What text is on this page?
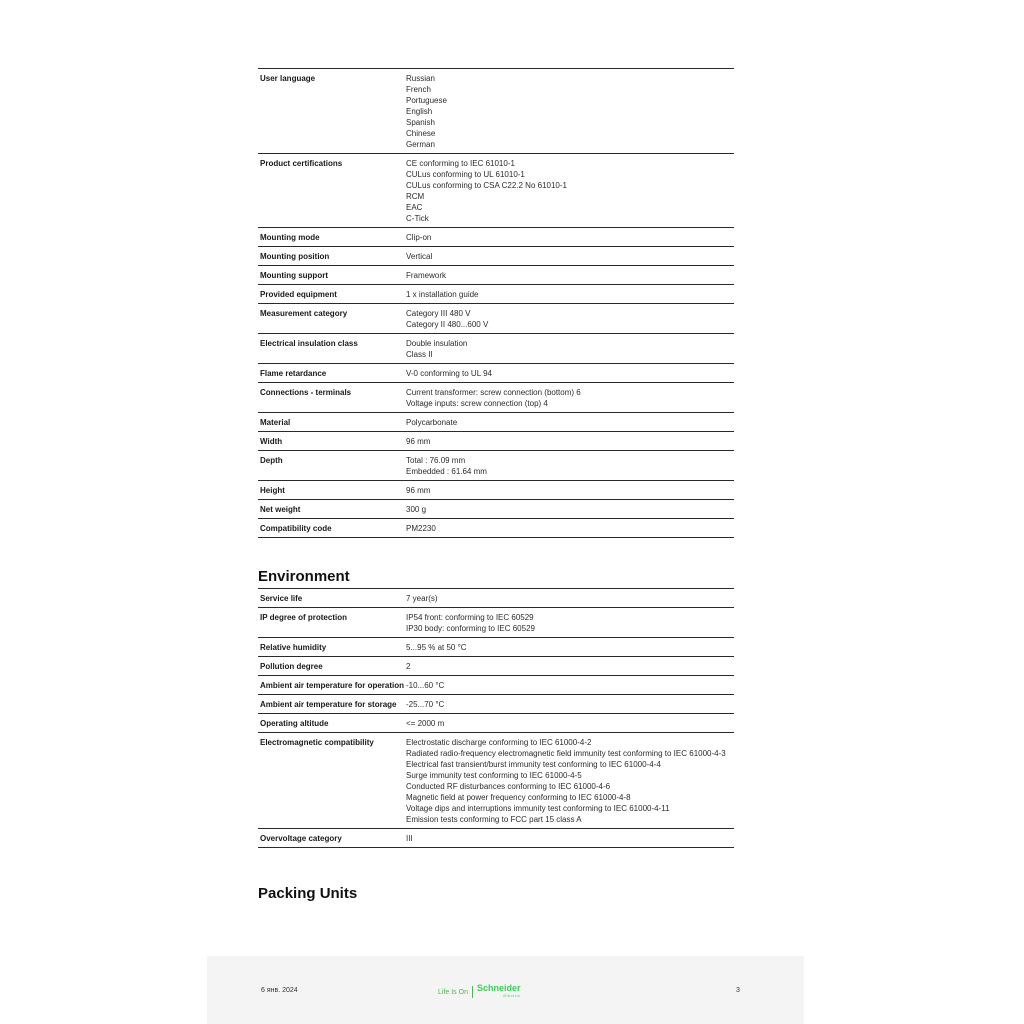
User language	Russian
French
Portuguese
English
Spanish
Chinese
German
Product certifications	CE conforming to IEC 61010-1
CULus conforming to UL 61010-1
CULus conforming to CSA C22.2 No 61010-1
RCM
EAC
C-Tick
Mounting mode	Clip-on
Mounting position	Vertical
Mounting support	Framework
Provided equipment	1 x installation guide
Measurement category	Category III 480 V
Category II 480...600 V
Electrical insulation class	Double insulation
Class II
Flame retardance	V-0 conforming to UL 94
Connections - terminals	Current transformer: screw connection (bottom) 6
Voltage inputs: screw connection (top) 4
Material	Polycarbonate
Width	96 mm
Depth	Total : 76.09 mm
Embedded : 61.64 mm
Height	96 mm
Net weight	300 g
Compatibility code	PM2230
Environment
Service life	7 year(s)
IP degree of protection	IP54 front: conforming to IEC 60529
IP30 body: conforming to IEC 60529
Relative humidity	5...95 % at 50 °C
Pollution degree	2
Ambient air temperature for operation -10...60 °C
Ambient air temperature for storage	-25...70 °C
Operating altitude	<= 2000 m
Electromagnetic compatibility	Electrostatic discharge conforming to IEC 61000-4-2
Radiated radio-frequency electromagnetic field immunity test conforming to IEC 61000-4-3
Electrical fast transient/burst immunity test conforming to IEC 61000-4-4
Surge immunity test conforming to IEC 61000-4-5
Conducted RF disturbances conforming to IEC 61000-4-6
Magnetic field at power frequency conforming to IEC 61000-4-8
Voltage dips and interruptions immunity test conforming to IEC 61000-4-11
Emission tests conforming to FCC part 15 class A
Overvoltage category	III
Packing Units
6 янв. 2024	Life Is On Schneider
Electric
3
